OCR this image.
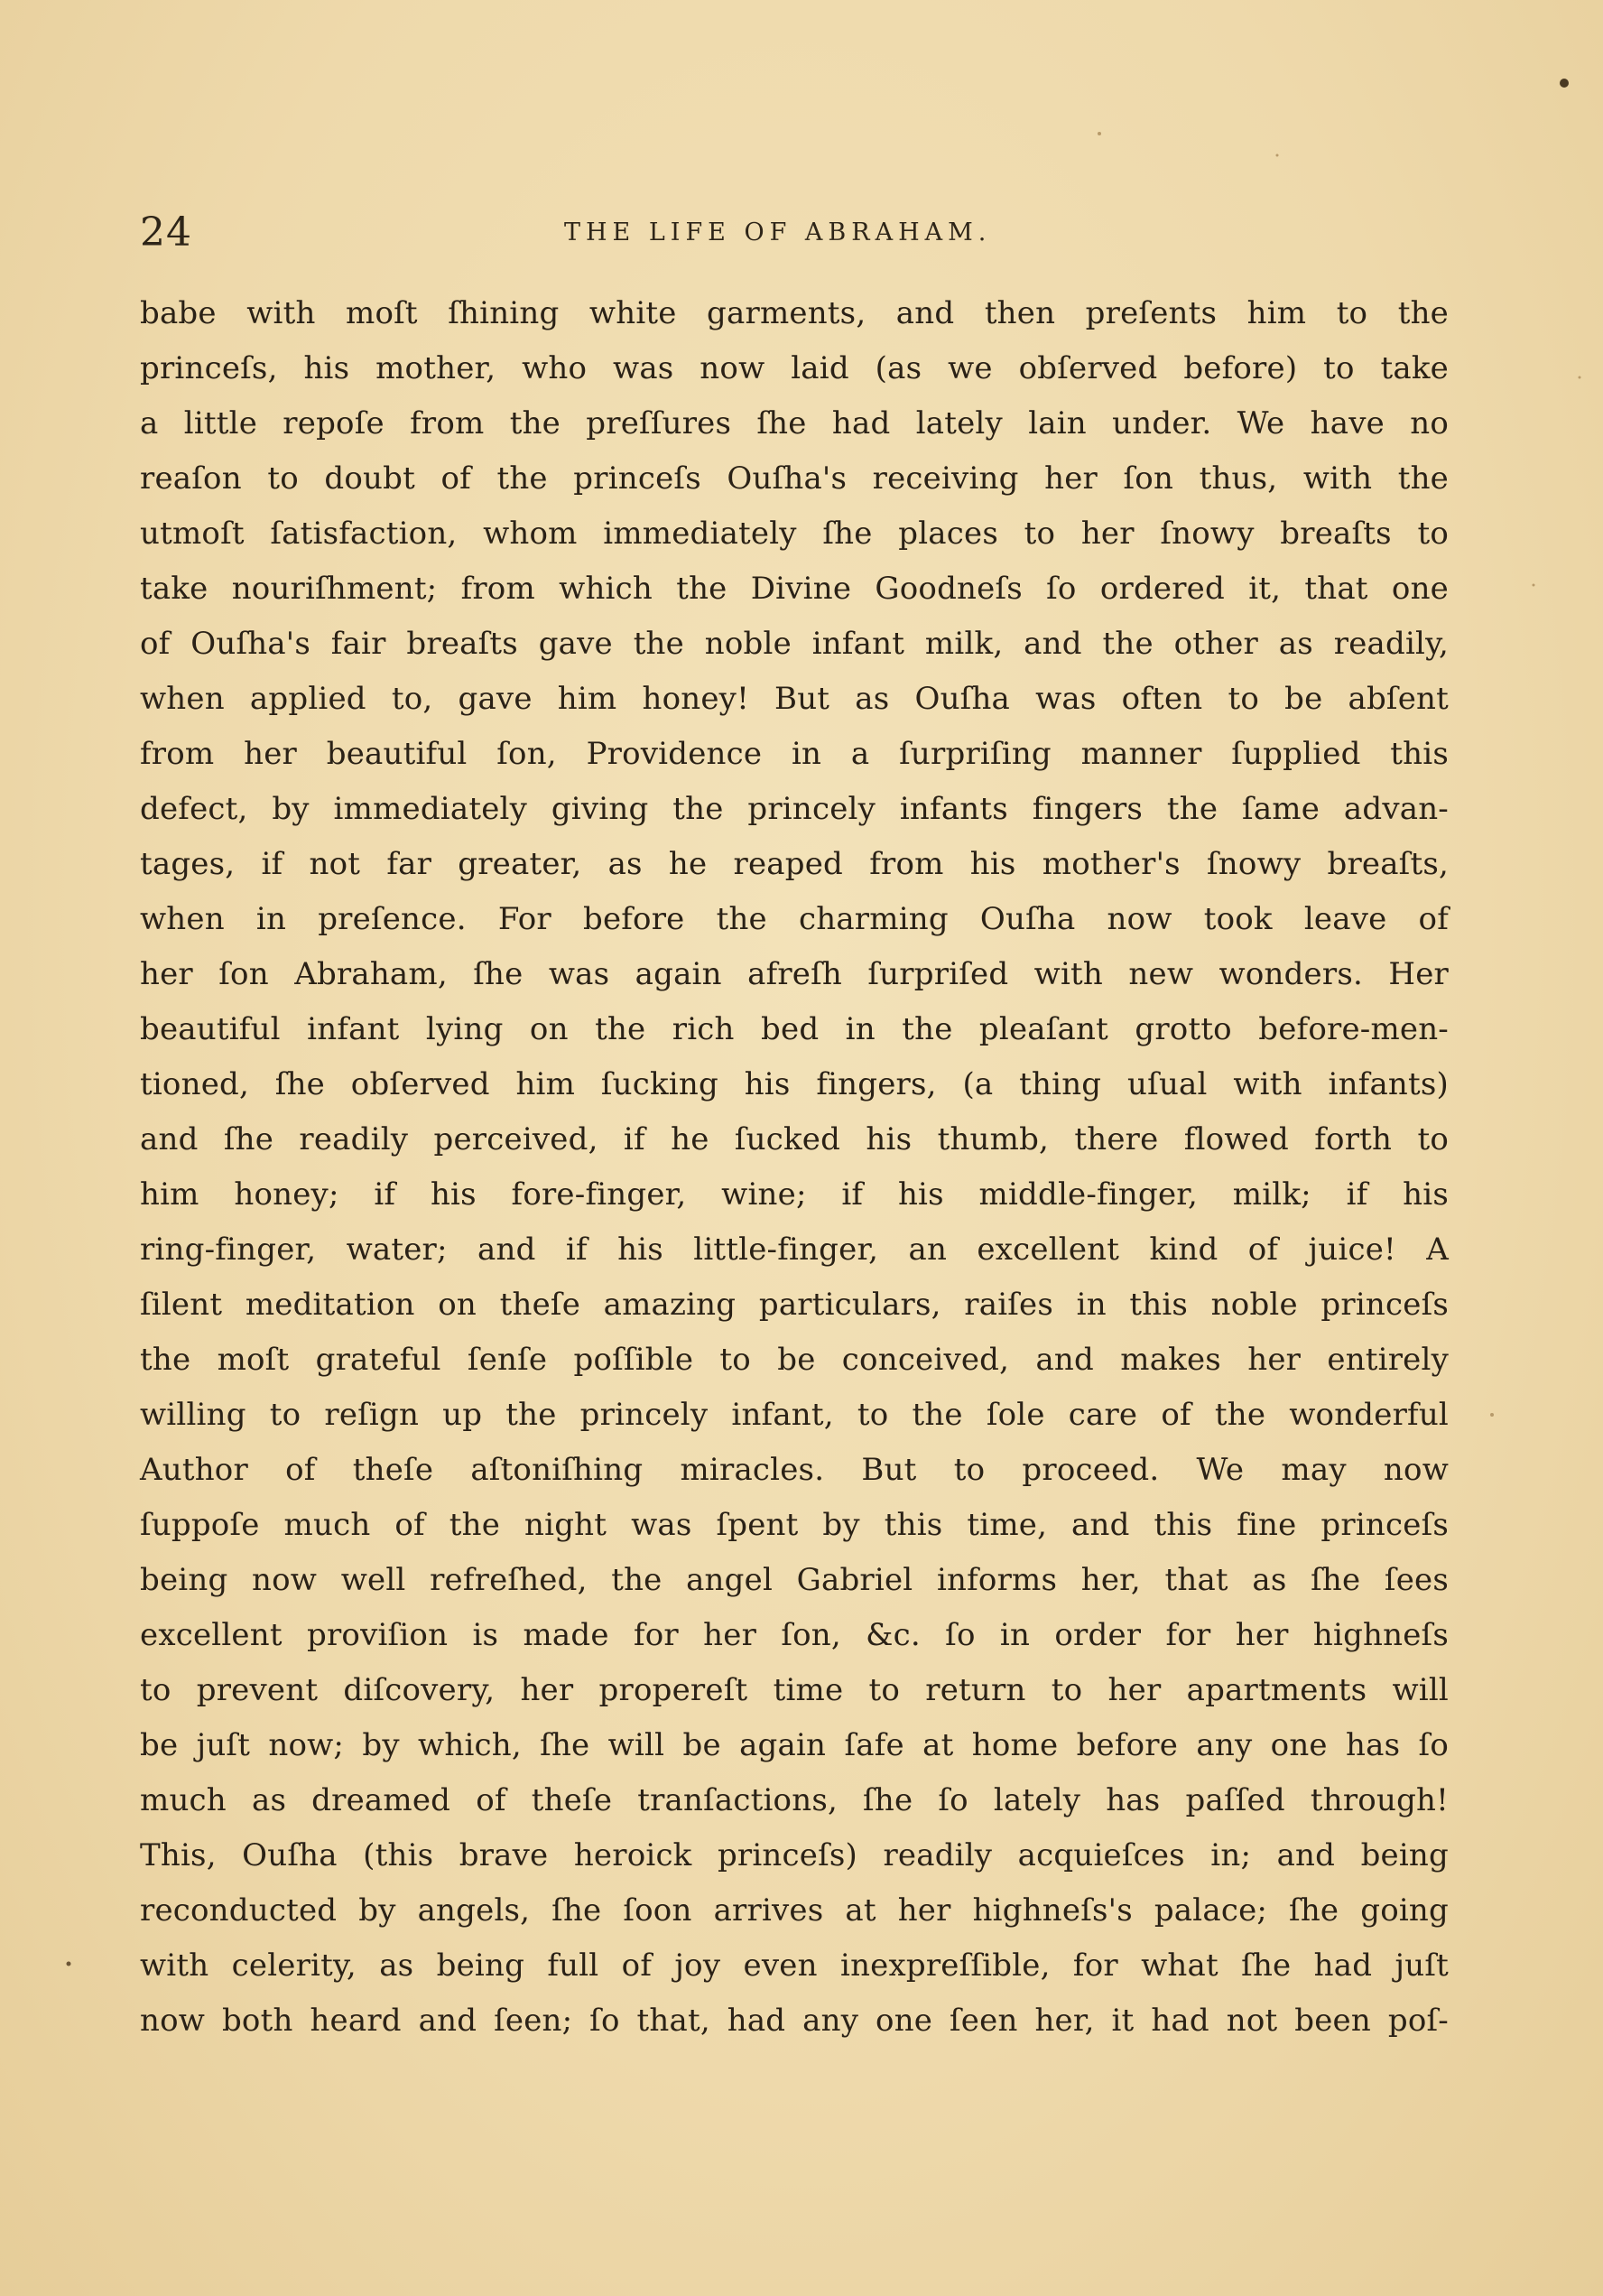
24	THE LIFE OF ABRAHAM.
babe with moſt ſhining white garments, and then preſents him to the
princeſs, his mother, who was now laid (as we obſerved before) to take
a little repoſe from the preſſures ſhe had lately lain under. We have no
reaſon to doubt of the princeſs Ouſha's receiving her ſon thus, with the
utmoſt ſatisfaction, whom immediately ſhe places to her ſnowy breaſts to
take nouriſhment; from which the Divine Goodneſs ſo ordered it, that one
of Ouſha's fair breaſts gave the noble infant milk, and the other as readily,
when applied to, gave him honey! But as Ouſha was often to be abſent
from her beautiful ſon, Providence in a ſurpriſing manner ſupplied this
defect, by immediately giving the princely infants fingers the ſame advan-
tages, if not far greater, as he reaped from his mother's ſnowy breaſts,
when in preſence. For before the charming Ouſha now took leave of
her ſon Abraham, ſhe was again afreſh ſurpriſed with new wonders. Her
beautiful infant lying on the rich bed in the pleaſant grotto before-men-
tioned, ſhe obſerved him ſucking his fingers, (a thing uſual with infants)
and ſhe readily perceived, if he ſucked his thumb, there flowed forth to
him honey; if his fore-finger, wine; if his middle-finger, milk; if his
ring-finger, water; and if his little-finger, an excellent kind of juice! A
ſilent meditation on theſe amazing particulars, raiſes in this noble princeſs
the moſt grateful ſenſe poſſible to be conceived, and makes her entirely
willing to reſign up the princely infant, to the ſole care of the wonderful
Author of theſe aſtoniſhing miracles. But to proceed. We may now
ſuppoſe much of the night was ſpent by this time, and this fine princeſs
being now well refreſhed, the angel Gabriel informs her, that as ſhe ſees
excellent proviſion is made for her ſon, &c. ſo in order for her highneſs
to prevent diſcovery, her propereſt time to return to her apartments will
be juſt now; by which, ſhe will be again ſafe at home before any one has ſo
much as dreamed of theſe tranſactions, ſhe ſo lately has paſſed through!
This, Ouſha (this brave heroick princeſs) readily acquieſces in; and being
reconducted by angels, ſhe ſoon arrives at her highneſs's palace; ſhe going
with celerity, as being full of joy even inexpreſſible, for what ſhe had juſt
now both heard and ſeen; ſo that, had any one ſeen her, it had not been poſ-
